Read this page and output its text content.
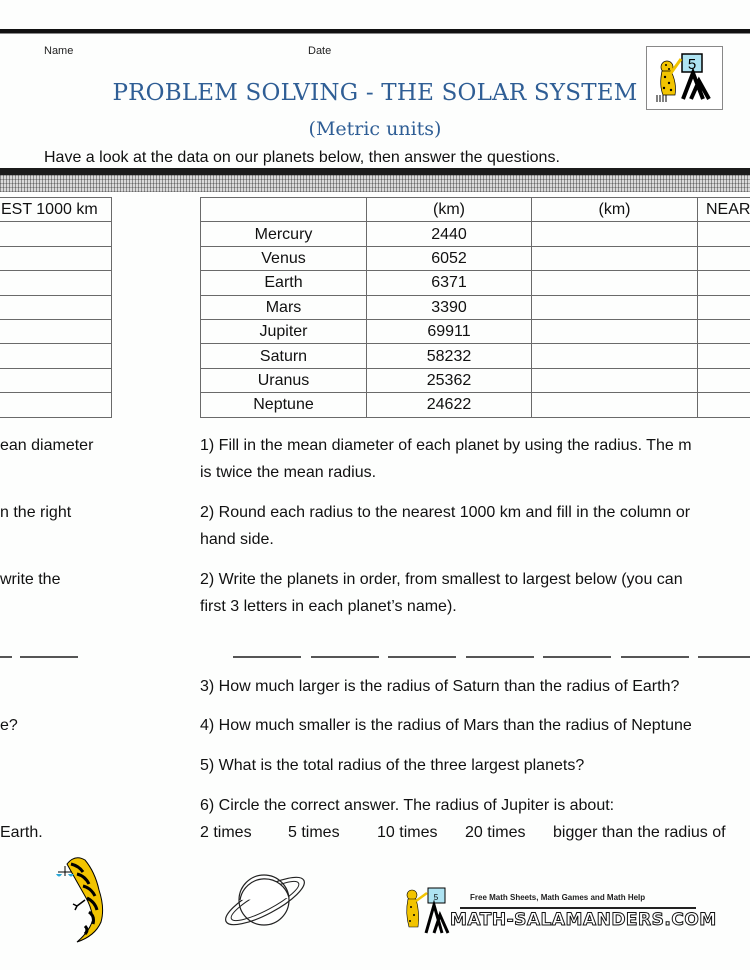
Name	Date
5
PROBLEM SOLVING - THE SOLAR SYSTEM
(Metric units)
Have a look at the data on our planets below, then answer the questions.
EST 1000 km

		(km)	(km)	NEAR
Mercury	2440		
Venus	6052		
Earth	6371		
Mars	3390		
Jupiter	69911		
Saturn	58232		
Uranus	25362		
Neptune	24622		
ean diameter
n the right
write the
e?
Earth.
1) Fill in the mean diameter of each planet by using the radius. The m
is twice the mean radius.
2) Round each radius to the nearest 1000 km and fill in the column or
hand side.
2) Write the planets in order, from smallest to largest below (you can
first 3 letters in each planet’s name).
3) How much larger is the radius of Saturn than the radius of Earth?
4) How much smaller is the radius of Mars than the radius of Neptune
5) What is the total radius of the three largest planets?
6) Circle the correct answer. The radius of Jupiter is about:
2 times 5 times 10 times 20 times bigger than the radius of
5	Free Math Sheets, Math Games and Math Help
MATH-SALAMANDERS.COM
